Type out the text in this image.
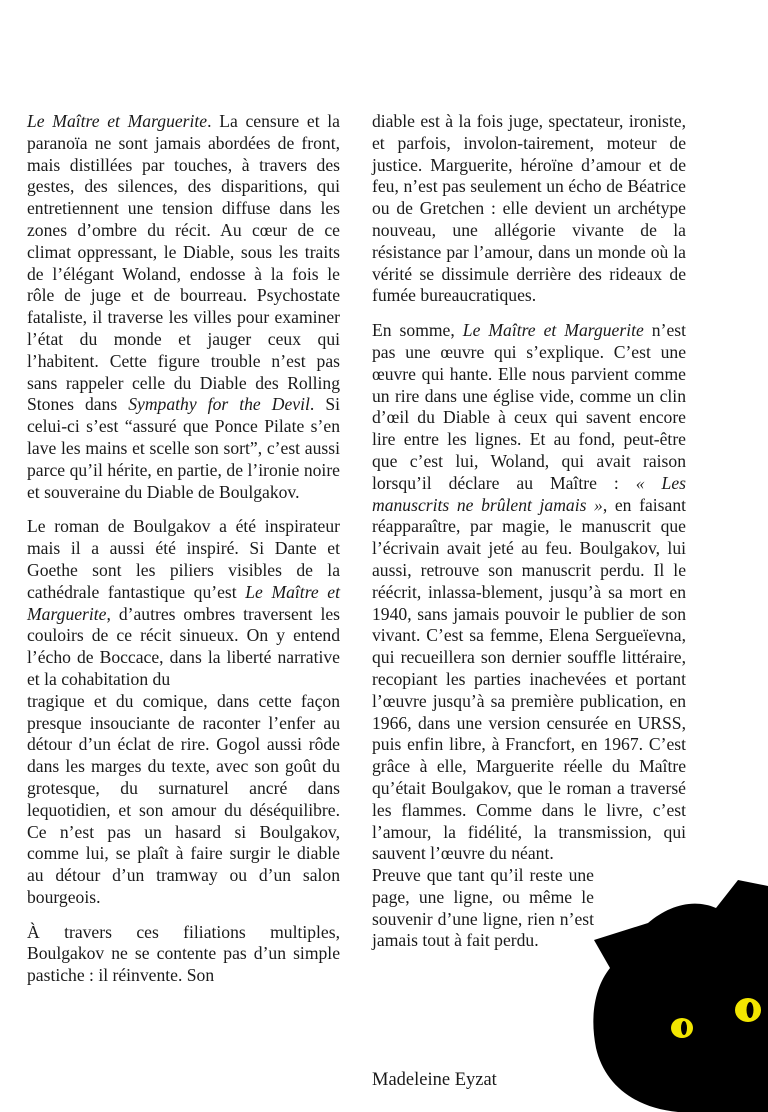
Le Maître et Marguerite. La censure et la paranoïa ne sont jamais abordées de front, mais distillées par touches, à travers des gestes, des silences, des disparitions, qui entretiennent une tension diffuse dans les zones d’ombre du récit. Au cœur de ce climat oppressant, le Diable, sous les traits de l’élégant Woland, endosse à la fois le rôle de juge et de bourreau. Psychostate fataliste, il traverse les villes pour examiner l’état du monde et jauger ceux qui l’habitent. Cette figure trouble n’est pas sans rappeler celle du Diable des Rolling Stones dans Sympathy for the Devil. Si celui-ci s’est “assuré que Ponce Pilate s’en lave les mains et scelle son sort”, c’est aussi parce qu’il hérite, en partie, de l’ironie noire et souveraine du Diable de Boulgakov.

Le roman de Boulgakov a été inspirateur mais il a aussi été inspiré. Si Dante et Goethe sont les piliers visibles de la cathédrale fantastique qu’est Le Maître et Marguerite, d’autres ombres traversent les couloirs de ce récit sinueux. On y entend l’écho de Boccace, dans la liberté narrative et la cohabitation du
tragique et du comique, dans cette façon presque insouciante de raconter l’enfer au détour d’un éclat de rire. Gogol aussi rôde dans les marges du texte, avec son goût du grotesque, du surnaturel ancré dans lequotidien, et son amour du déséquilibre. Ce n’est pas un hasard si Boulgakov, comme lui, se plaît à faire surgir le diable au détour d’un tramway ou d’un salon bourgeois.

À travers ces filiations multiples, Boulgakov ne se contente pas d’un simple pastiche : il réinvente. Son

diable est à la fois juge, spectateur, ironiste, et parfois, involon-tairement, moteur de justice. Marguerite, héroïne d’amour et de feu, n’est pas seulement un écho de Béatrice ou de Gretchen : elle devient un archétype nouveau, une allégorie vivante de la résistance par l’amour, dans un monde où la vérité se dissimule derrière des rideaux de fumée bureaucratiques.

En somme, Le Maître et Marguerite n’est pas une œuvre qui s’explique. C’est une œuvre qui hante. Elle nous parvient comme un rire dans une église vide, comme un clin d’œil du Diable à ceux qui savent encore lire entre les lignes. Et au fond, peut-être que c’est lui, Woland, qui avait raison lorsqu’il déclare au Maître : « Les manuscrits ne brûlent jamais », en faisant réapparaître, par magie, le manuscrit que l’écrivain avait jeté au feu. Boulgakov, lui aussi, retrouve son manuscrit perdu. Il le réécrit, inlassa-blement, jusqu’à sa mort en 1940, sans jamais pouvoir le publier de son vivant. C’est sa femme, Elena Sergueïevna, qui recueillera son dernier souffle littéraire, recopiant les parties inachevées et portant l’œuvre jusqu’à sa première publication, en 1966, dans une version censurée en URSS, puis enfin libre, à Francfort, en 1967. C’est grâce à elle, Marguerite réelle du Maître qu’était Boulgakov, que le roman a traversé les flammes. Comme dans le livre, c’est l’amour, la fidélité, la transmission, qui sauvent l’œuvre du néant.

Preuve que tant qu’il reste une page, une ligne, ou même le souvenir d’une ligne, rien n’est jamais tout à fait perdu.

Madeleine Eyzat
